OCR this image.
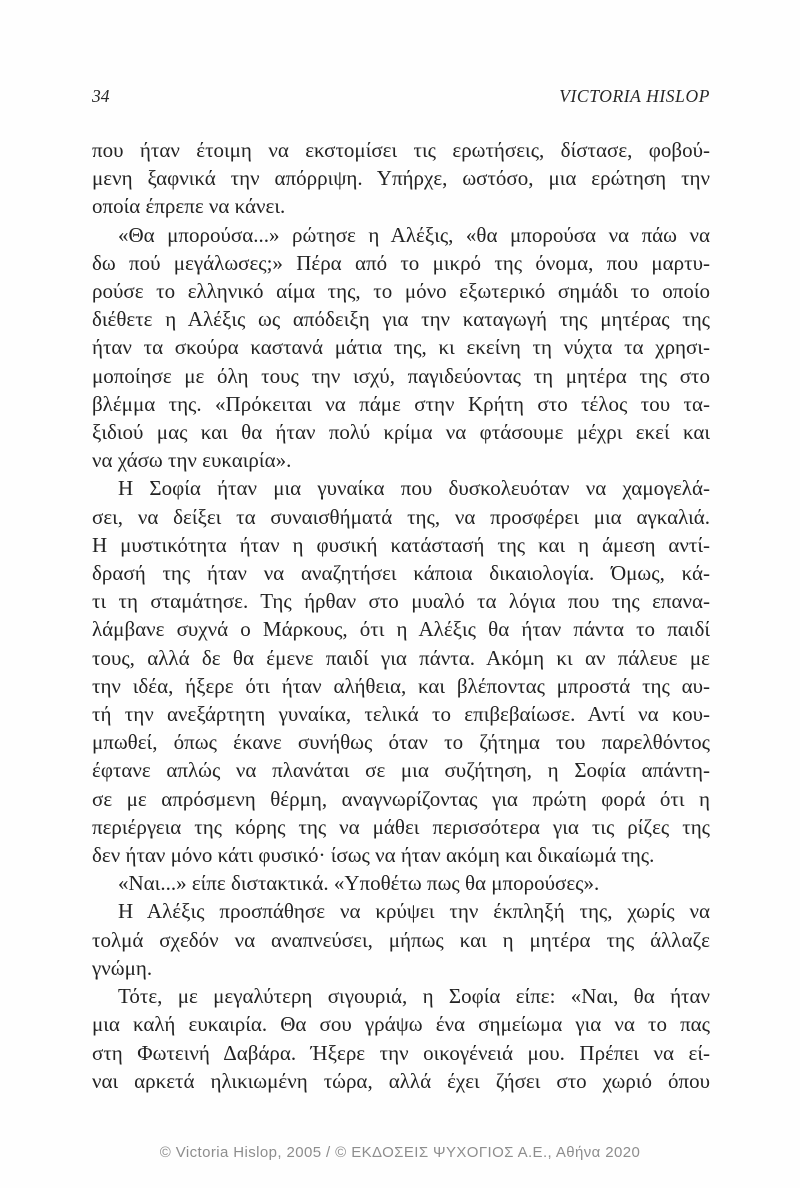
34	VICTORIA HISLOP
που ήταν έτοιμη να εκστομίσει τις ερωτήσεις, δίστασε, φοβού-
μενη ξαφνικά την απόρριψη. Υπήρχε, ωστόσο, μια ερώτηση την
οποία έπρεπε να κάνει.
«Θα μπορούσα...» ρώτησε η Αλέξις, «θα μπορούσα να πάω να
δω πού μεγάλωσες;» Πέρα από το μικρό της όνομα, που μαρτυ-
ρούσε το ελληνικό αίμα της, το μόνο εξωτερικό σημάδι το οποίο
διέθετε η Αλέξις ως απόδειξη για την καταγωγή της μητέρας της
ήταν τα σκούρα καστανά μάτια της, κι εκείνη τη νύχτα τα χρησι-
μοποίησε με όλη τους την ισχύ, παγιδεύοντας τη μητέρα της στο
βλέμμα της. «Πρόκειται να πάμε στην Κρήτη στο τέλος του τα-
ξιδιού μας και θα ήταν πολύ κρίμα να φτάσουμε μέχρι εκεί και
να χάσω την ευκαιρία».
Η Σοφία ήταν μια γυναίκα που δυσκολευόταν να χαμογελά-
σει, να δείξει τα συναισθήματά της, να προσφέρει μια αγκαλιά.
Η μυστικότητα ήταν η φυσική κατάστασή της και η άμεση αντί-
δρασή της ήταν να αναζητήσει κάποια δικαιολογία. Όμως, κά-
τι τη σταμάτησε. Της ήρθαν στο μυαλό τα λόγια που της επανα-
λάμβανε συχνά ο Μάρκους, ότι η Αλέξις θα ήταν πάντα το παιδί
τους, αλλά δε θα έμενε παιδί για πάντα. Ακόμη κι αν πάλευε με
την ιδέα, ήξερε ότι ήταν αλήθεια, και βλέποντας μπροστά της αυ-
τή την ανεξάρτητη γυναίκα, τελικά το επιβεβαίωσε. Αντί να κου-
μπωθεί, όπως έκανε συνήθως όταν το ζήτημα του παρελθόντος
έφτανε απλώς να πλανάται σε μια συζήτηση, η Σοφία απάντη-
σε με απρόσμενη θέρμη, αναγνωρίζοντας για πρώτη φορά ότι η
περιέργεια της κόρης της να μάθει περισσότερα για τις ρίζες της
δεν ήταν μόνο κάτι φυσικό· ίσως να ήταν ακόμη και δικαίωμά της.
«Ναι...» είπε διστακτικά. «Υποθέτω πως θα μπορούσες».
Η Αλέξις προσπάθησε να κρύψει την έκπληξή της, χωρίς να
τολμά σχεδόν να αναπνεύσει, μήπως και η μητέρα της άλλαζε
γνώμη.
Τότε, με μεγαλύτερη σιγουριά, η Σοφία είπε: «Ναι, θα ήταν
μια καλή ευκαιρία. Θα σου γράψω ένα σημείωμα για να το πας
στη Φωτεινή Δαβάρα. Ήξερε την οικογένειά μου. Πρέπει να εί-
ναι αρκετά ηλικιωμένη τώρα, αλλά έχει ζήσει στο χωριό όπου
© Victoria Hislop, 2005 / © ΕΚΔΟΣΕΙΣ ΨΥΧΟΓΙΟΣ Α.Ε., Αθήνα 2020
